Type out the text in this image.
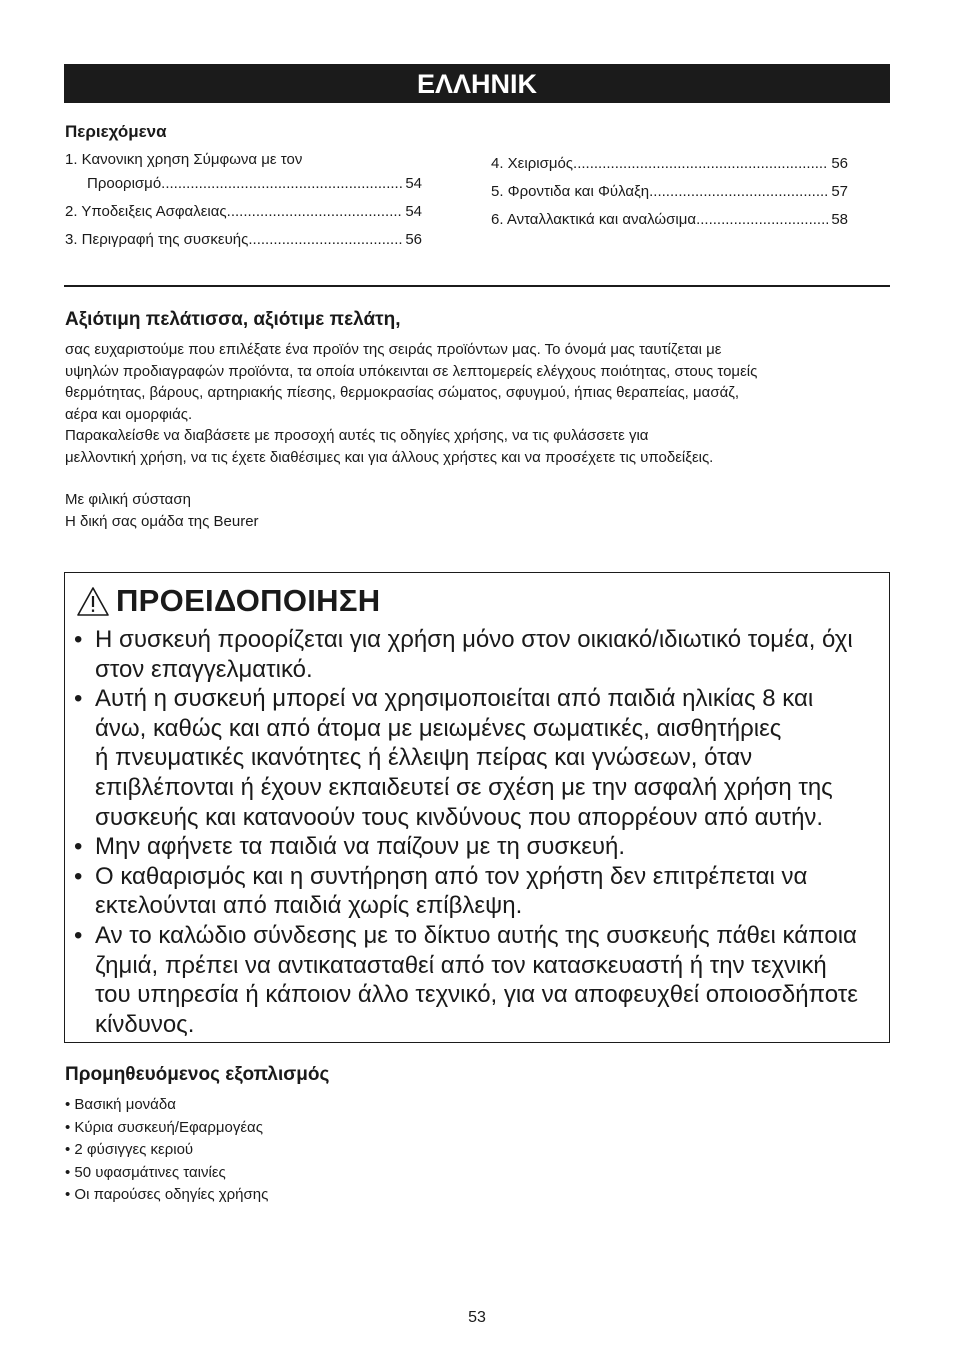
ΕΛΛΗΝΙΚ
Περιεχόμενα
1. Κανονικη χρηση Σύμφωνα με τον
Προορισμό .....	54
2. Υποδειξεις Ασφαλειας .....	54
3. Περιγραφή της συσκευής .....	56
4. Χειρισμός .....	56
5. Φροντιδα και Φύλαξη .....	57
6. Ανταλλακτικά και αναλώσιμα .....	58
Αξιότιμη πελάτισσα, αξιότιμε πελάτη,

σας ευχαριστούμε που επιλέξατε ένα προϊόν της σειράς προϊόντων μας. Το όνομά μας ταυτίζεται με

υψηλών προδιαγραφών προϊόντα, τα οποία υπόκεινται σε λεπτομερείς ελέγχους ποιότητας, στους τομείς

θερμότητας, βάρους, αρτηριακής πίεσης, θερμοκρασίας σώματος, σφυγμού, ήπιας θεραπείας, μασάζ,

αέρα και ομορφιάς.

Παρακαλείσθε να διαβάσετε με προσοχή αυτές τις οδηγίες χρήσης, να τις φυλάσσετε για

μελλοντική χρήση, να τις έχετε διαθέσιμες και για άλλους χρήστες και να προσέχετε τις υποδείξεις.

Με φιλική σύσταση

Η δική σας ομάδα της Beurer

ΠΡΟΕΙΔΟΠΟΙΗΣΗ
• Η συσκευή προορίζεται για χρήση μόνο στον οικιακό/ιδιωτικό τομέα, όχι
στον επαγγελματικό.
• Αυτή η συσκευή μπορεί να χρησιμοποιείται από παιδιά ηλικίας 8 και
άνω, καθώς και από άτομα με μειωμένες σωματικές, αισθητήριες
ή πνευματικές ικανότητες ή έλλειψη πείρας και γνώσεων, όταν
επιβλέπονται ή έχουν εκπαιδευτεί σε σχέση με την ασφαλή χρήση της
συσκευής και κατανοούν τους κινδύνους που απορρέουν από αυτήν.
• Μην αφήνετε τα παιδιά να παίζουν με τη συσκευή.
• Ο καθαρισμός και η συντήρηση από τον χρήστη δεν επιτρέπεται να
εκτελούνται από παιδιά χωρίς επίβλεψη.
• Αν το καλώδιο σύνδεσης με το δίκτυο αυτής της συσκευής πάθει κάποια
ζημιά, πρέπει να αντικατασταθεί από τον κατασκευαστή ή την τεχνική
του υπηρεσία ή κάποιον άλλο τεχνικό, για να αποφευχθεί οποιοσδήποτε
κίνδυνος.
Προμηθευόμενος εξοπλισμός
• Βασική μονάδα
• Κύρια συσκευή/Εφαρμογέας
• 2 φύσιγγες κεριού
• 50 υφασμάτινες ταινίες
• Οι παρούσες οδηγίες χρήσης
53
